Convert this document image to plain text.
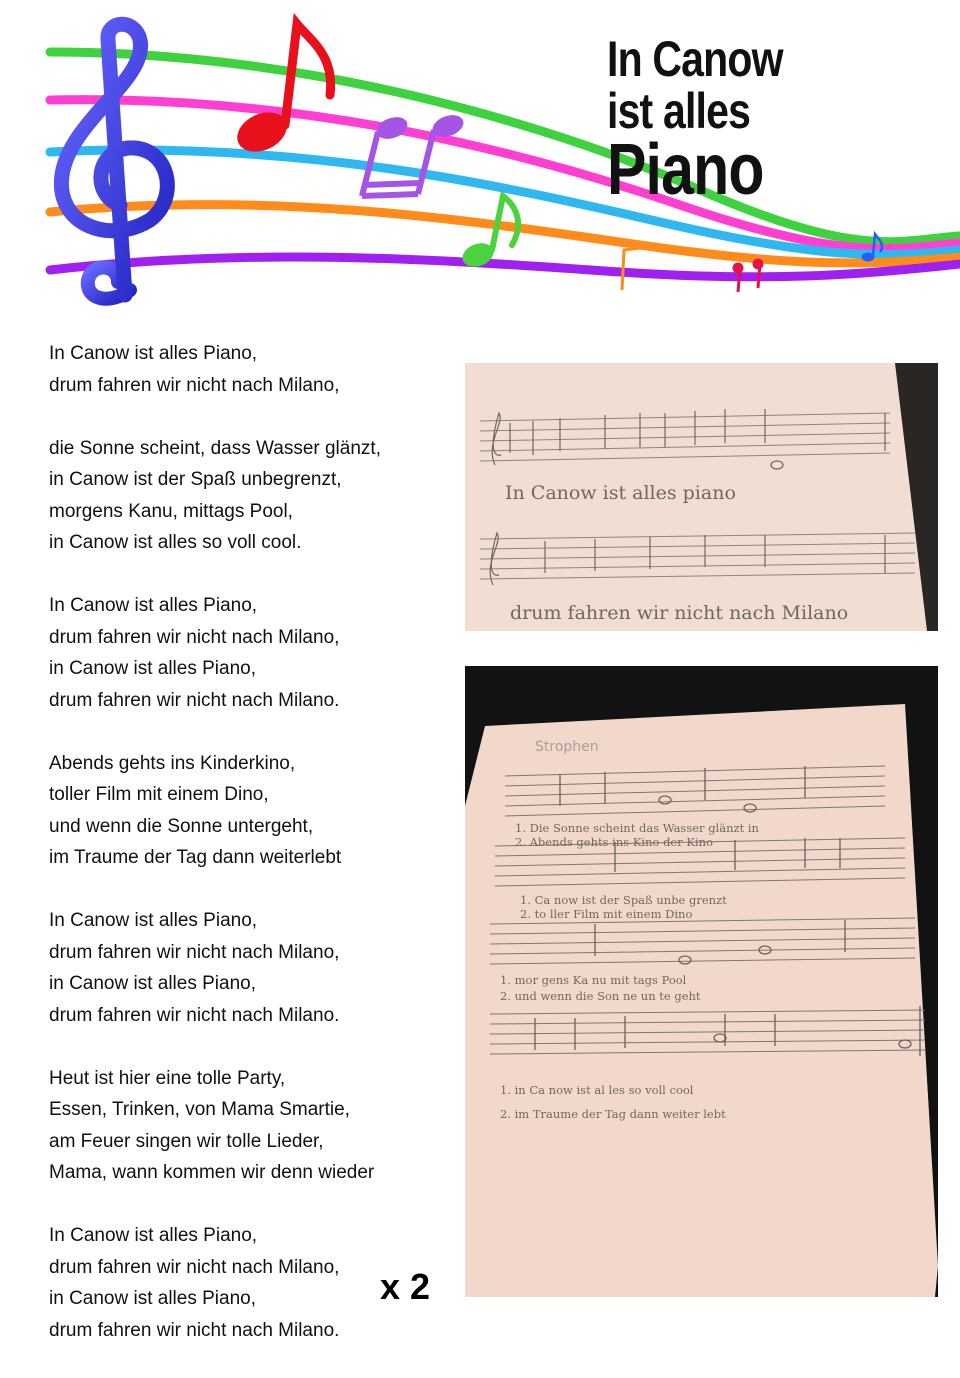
In Canow
ist alles
Piano
In Canow ist alles Piano,
drum fahren wir nicht nach Milano,
die Sonne scheint, dass Wasser glänzt,
in Canow ist der Spaß unbegrenzt,
morgens Kanu, mittags Pool,
in Canow ist alles so voll cool.
In Canow ist alles Piano,
drum fahren wir nicht nach Milano,
in Canow ist alles Piano,
drum fahren wir nicht nach Milano.
Abends gehts ins Kinderkino,
toller Film mit einem Dino,
und wenn die Sonne untergeht,
im Traume der Tag dann weiterlebt
In Canow ist alles Piano,
drum fahren wir nicht nach Milano,
in Canow ist alles Piano,
drum fahren wir nicht nach Milano.
Heut ist hier eine tolle Party,
Essen, Trinken, von Mama Smartie,
am Feuer singen wir tolle Lieder,
Mama, wann kommen wir denn wieder
In Canow ist alles Piano,
drum fahren wir nicht nach Milano,
in Canow ist alles Piano,
drum fahren wir nicht nach Milano.
x 2
In Canow ist alles piano
drum fahren wir nicht nach Milano
Strophen
1. Die Sonne scheint das Wasser glänzt in
2. Abends gehts ins Kino der Kino
1. Ca now ist der Spaß unbe grenzt
2. to ller Film mit einem Dino
1. mor gens Ka nu mit tags Pool
2. und wenn die Son ne un te geht
1. in Ca now ist al les so voll cool
2. im Traume der Tag dann weiter lebt
